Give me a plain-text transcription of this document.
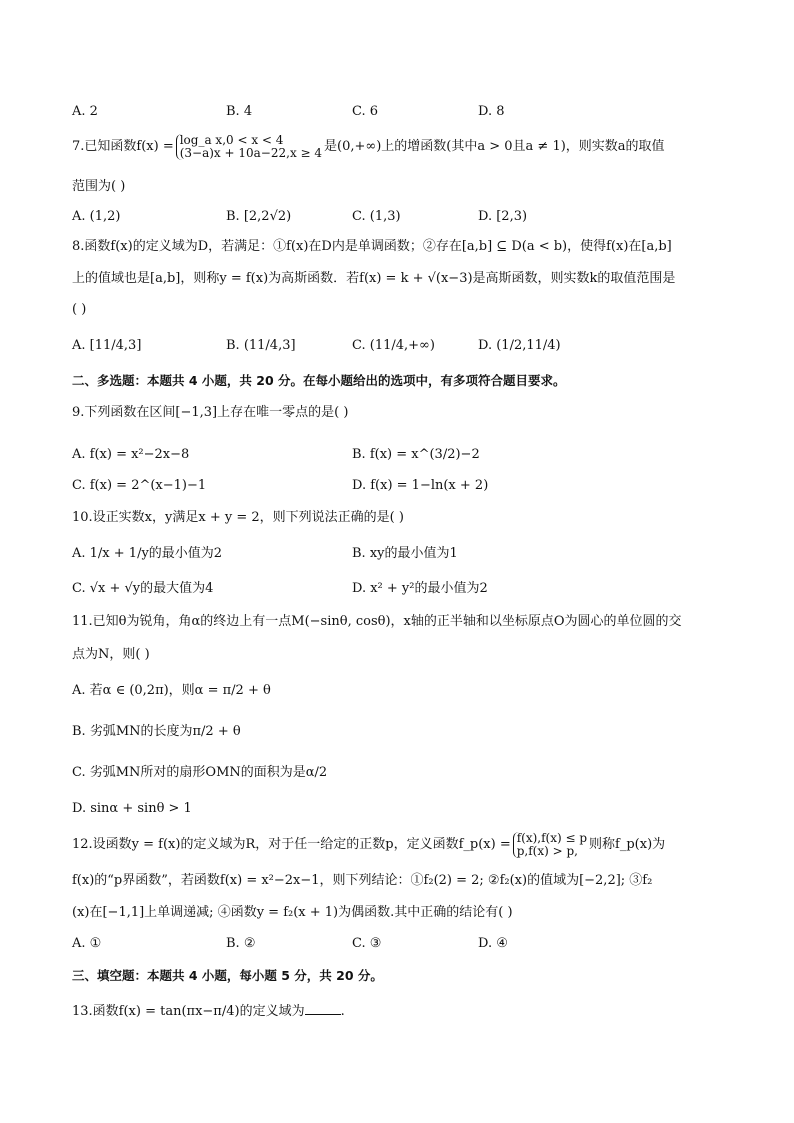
A. 2	B. 4	C. 6	D. 8
7.已知函数f(x) = log_a x,0 < x < 4
(3−a)x + 10a−22,x ≥ 4 是(0,+∞)上的增函数(其中a > 0且a ≠ 1)，则实数a的取值
范围为( )
A. (1,2)	B. [2,2√2)	C. (1,3)	D. [2,3)
8.函数f(x)的定义域为D，若满足：①f(x)在D内是单调函数；②存在[a,b] ⊆ D(a < b)，使得f(x)在[a,b]
上的值域也是[a,b]，则称y = f(x)为高斯函数．若f(x) = k + √(x−3)是高斯函数，则实数k的取值范围是
( )
A. [11/4,3]	B. (11/4,3]	C. (11/4,+∞)	D. (1/2,11/4)
二、多选题：本题共 4 小题，共 20 分。在每小题给出的选项中，有多项符合题目要求。
9.下列函数在区间[−1,3]上存在唯一零点的是( )
A. f(x) = x²−2x−8	B. f(x) = x^(3/2)−2
C. f(x) = 2^(x−1)−1	D. f(x) = 1−ln(x + 2)
10.设正实数x，y满足x + y = 2，则下列说法正确的是( )
A. 1/x + 1/y的最小值为2	B. xy的最小值为1
C. √x + √y的最大值为4	D. x² + y²的最小值为2
11.已知θ为锐角，角α的终边上有一点M(−sinθ, cosθ)，x轴的正半轴和以坐标原点O为圆心的单位圆的交
点为N，则( )
A. 若α ∈ (0,2π)，则α = π/2 + θ
B. 劣弧MN的长度为π/2 + θ
C. 劣弧MN所对的扇形OMN的面积为是α/2
D. sinα + sinθ > 1
12.设函数y = f(x)的定义域为R，对于任一给定的正数p，定义函数f_p(x) = f(x),f(x) ≤ p
p,f(x) > p, 则称f_p(x)为
f(x)的“p界函数”，若函数f(x) = x²−2x−1，则下列结论：①f₂(2) = 2; ②f₂(x)的值域为[−2,2]; ③f₂
(x)在[−1,1]上单调递减; ④函数y = f₂(x + 1)为偶函数.其中正确的结论有( )
A. ①	B. ②	C. ③	D. ④
三、填空题：本题共 4 小题，每小题 5 分，共 20 分。
13.函数f(x) = tan(πx−π/4)的定义域为	.
